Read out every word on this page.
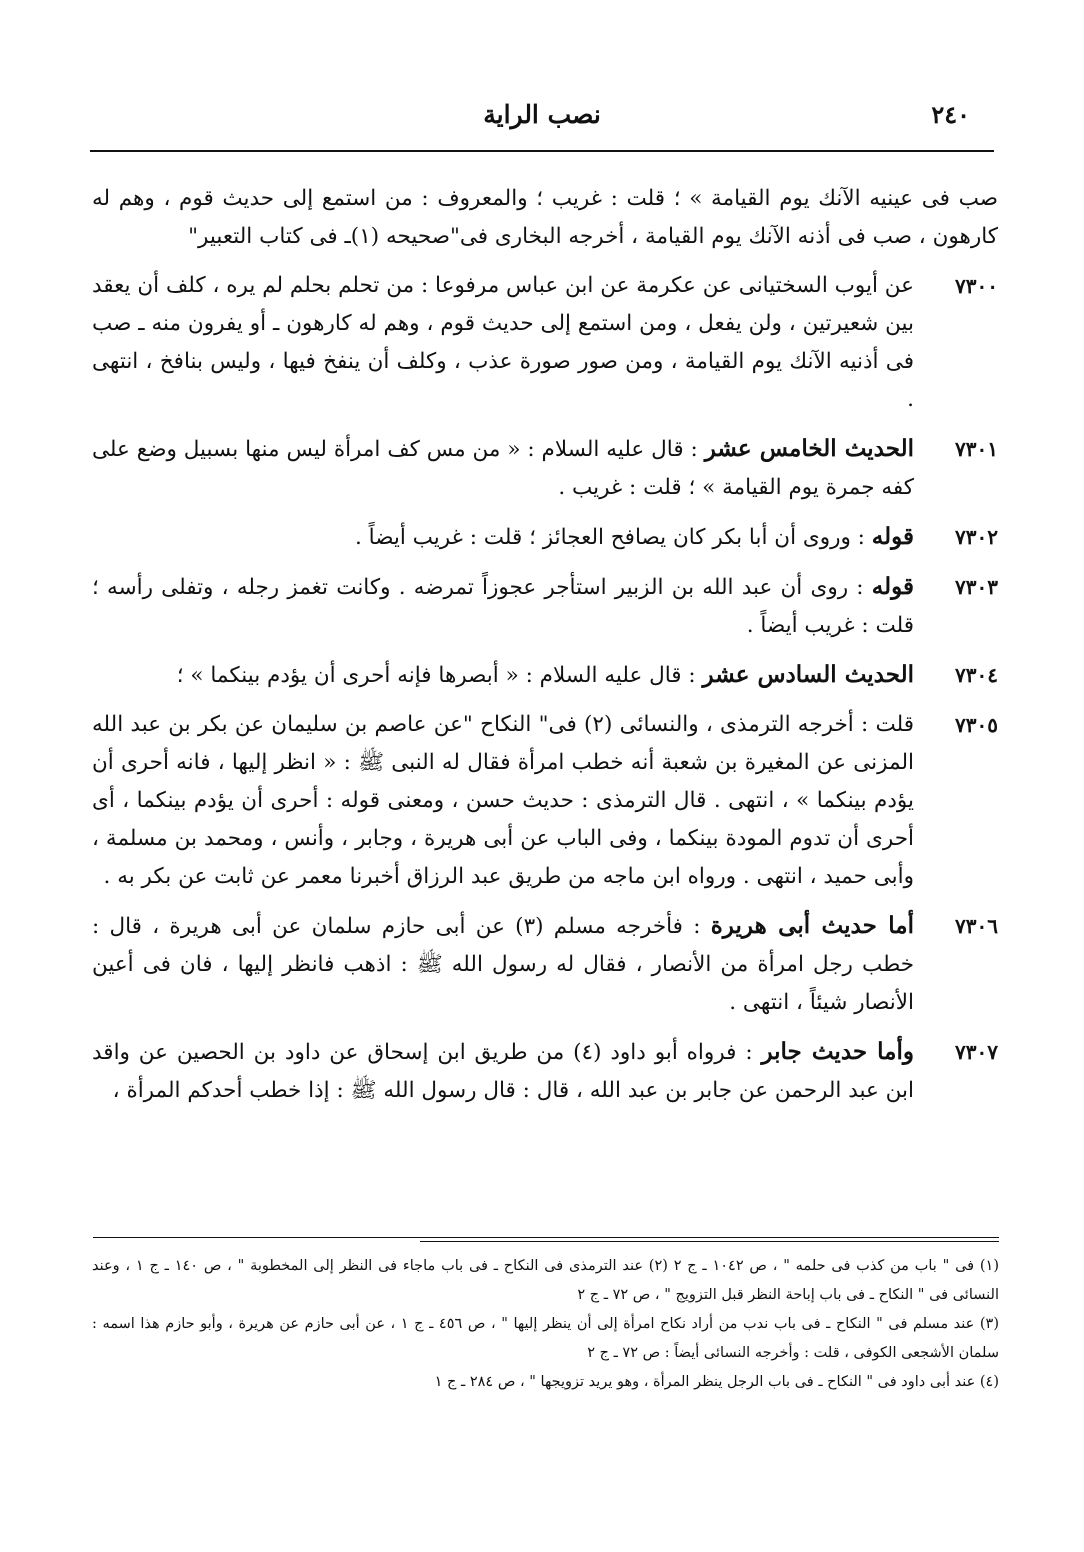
٢٤٠
نصب الراية

صب فى عينيه الآنك يوم القيامة » ؛ قلت : غريب ؛ والمعروف : من استمع إلى حديث قوم ، وهم له كارهون ، صب فى أذنه الآنك يوم القيامة ، أخرجه البخارى فى"صحيحه (١)ـ فى كتاب التعبير"

٧٣٠٠
عن أيوب السختيانى عن عكرمة عن ابن عباس مرفوعا : من تحلم بحلم لم يره ، كلف أن يعقد بين شعيرتين ، ولن يفعل ، ومن استمع إلى حديث قوم ، وهم له كارهون ـ أو يفرون منه ـ صب فى أذنيه الآنك يوم القيامة ، ومن صور صورة عذب ، وكلف أن ينفخ فيها ، وليس بنافخ ، انتهى .

٧٣٠١
الحديث الخامس عشر : قال عليه السلام : « من مس كف امرأة ليس منها بسبيل وضع على كفه جمرة يوم القيامة » ؛ قلت : غريب .

٧٣٠٢
قوله : وروى أن أبا بكر كان يصافح العجائز ؛ قلت : غريب أيضاً .

٧٣٠٣
قوله : روى أن عبد الله بن الزبير استأجر عجوزاً تمرضه . وكانت تغمز رجله ، وتفلى رأسه ؛ قلت : غريب أيضاً .

٧٣٠٤
الحديث السادس عشر : قال عليه السلام : « أبصرها فإنه أحرى أن يؤدم بينكما » ؛

٧٣٠٥
قلت : أخرجه الترمذى ، والنسائى (٢) فى" النكاح "عن عاصم بن سليمان عن بكر بن عبد الله المزنى عن المغيرة بن شعبة أنه خطب امرأة فقال له النبى ﷺ : « انظر إليها ، فانه أحرى أن يؤدم بينكما » ، انتهى . قال الترمذى : حديث حسن ، ومعنى قوله : أحرى أن يؤدم بينكما ، أى أحرى أن تدوم المودة بينكما ، وفى الباب عن أبى هريرة ، وجابر ، وأنس ، ومحمد بن مسلمة ، وأبى حميد ، انتهى . ورواه ابن ماجه من طريق عبد الرزاق أخبرنا معمر عن ثابت عن بكر به .

٧٣٠٦
أما حديث أبى هريرة : فأخرجه مسلم (٣) عن أبى حازم سلمان عن أبى هريرة ، قال : خطب رجل امرأة من الأنصار ، فقال له رسول الله ﷺ : اذهب فانظر إليها ، فان فى أعين الأنصار شيئاً ، انتهى .

٧٣٠٧
وأما حديث جابر : فرواه أبو داود (٤) من طريق ابن إسحاق عن داود بن الحصين عن واقد ابن عبد الرحمن عن جابر بن عبد الله ، قال : قال رسول الله ﷺ : إذا خطب أحدكم المرأة ،

(١) فى " باب من كذب فى حلمه " ، ص ١٠٤٢ ـ ج ٢ (٢) عند الترمذى فى النكاح ـ فى باب ماجاء فى النظر إلى المخطوبة " ، ص ١٤٠ ـ ج ١ ، وعند النسائى فى " النكاح ـ فى باب إباحة النظر قبل التزويج " ، ص ٧٢ ـ ج ٢

(٣) عند مسلم فى " النكاح ـ فى باب ندب من أراد نكاح امرأة إلى أن ينظر إليها " ، ص ٤٥٦ ـ ج ١ ، عن أبى حازم عن هريرة ، وأبو حازم هذا اسمه : سلمان الأشجعى الكوفى ، قلت : وأخرجه النسائى أيضاً : ص ٧٢ ـ ج ٢

(٤) عند أبى داود فى " النكاح ـ فى باب الرجل ينظر المرأة ، وهو يريد تزويجها " ، ص ٢٨٤ ـ ج ١
